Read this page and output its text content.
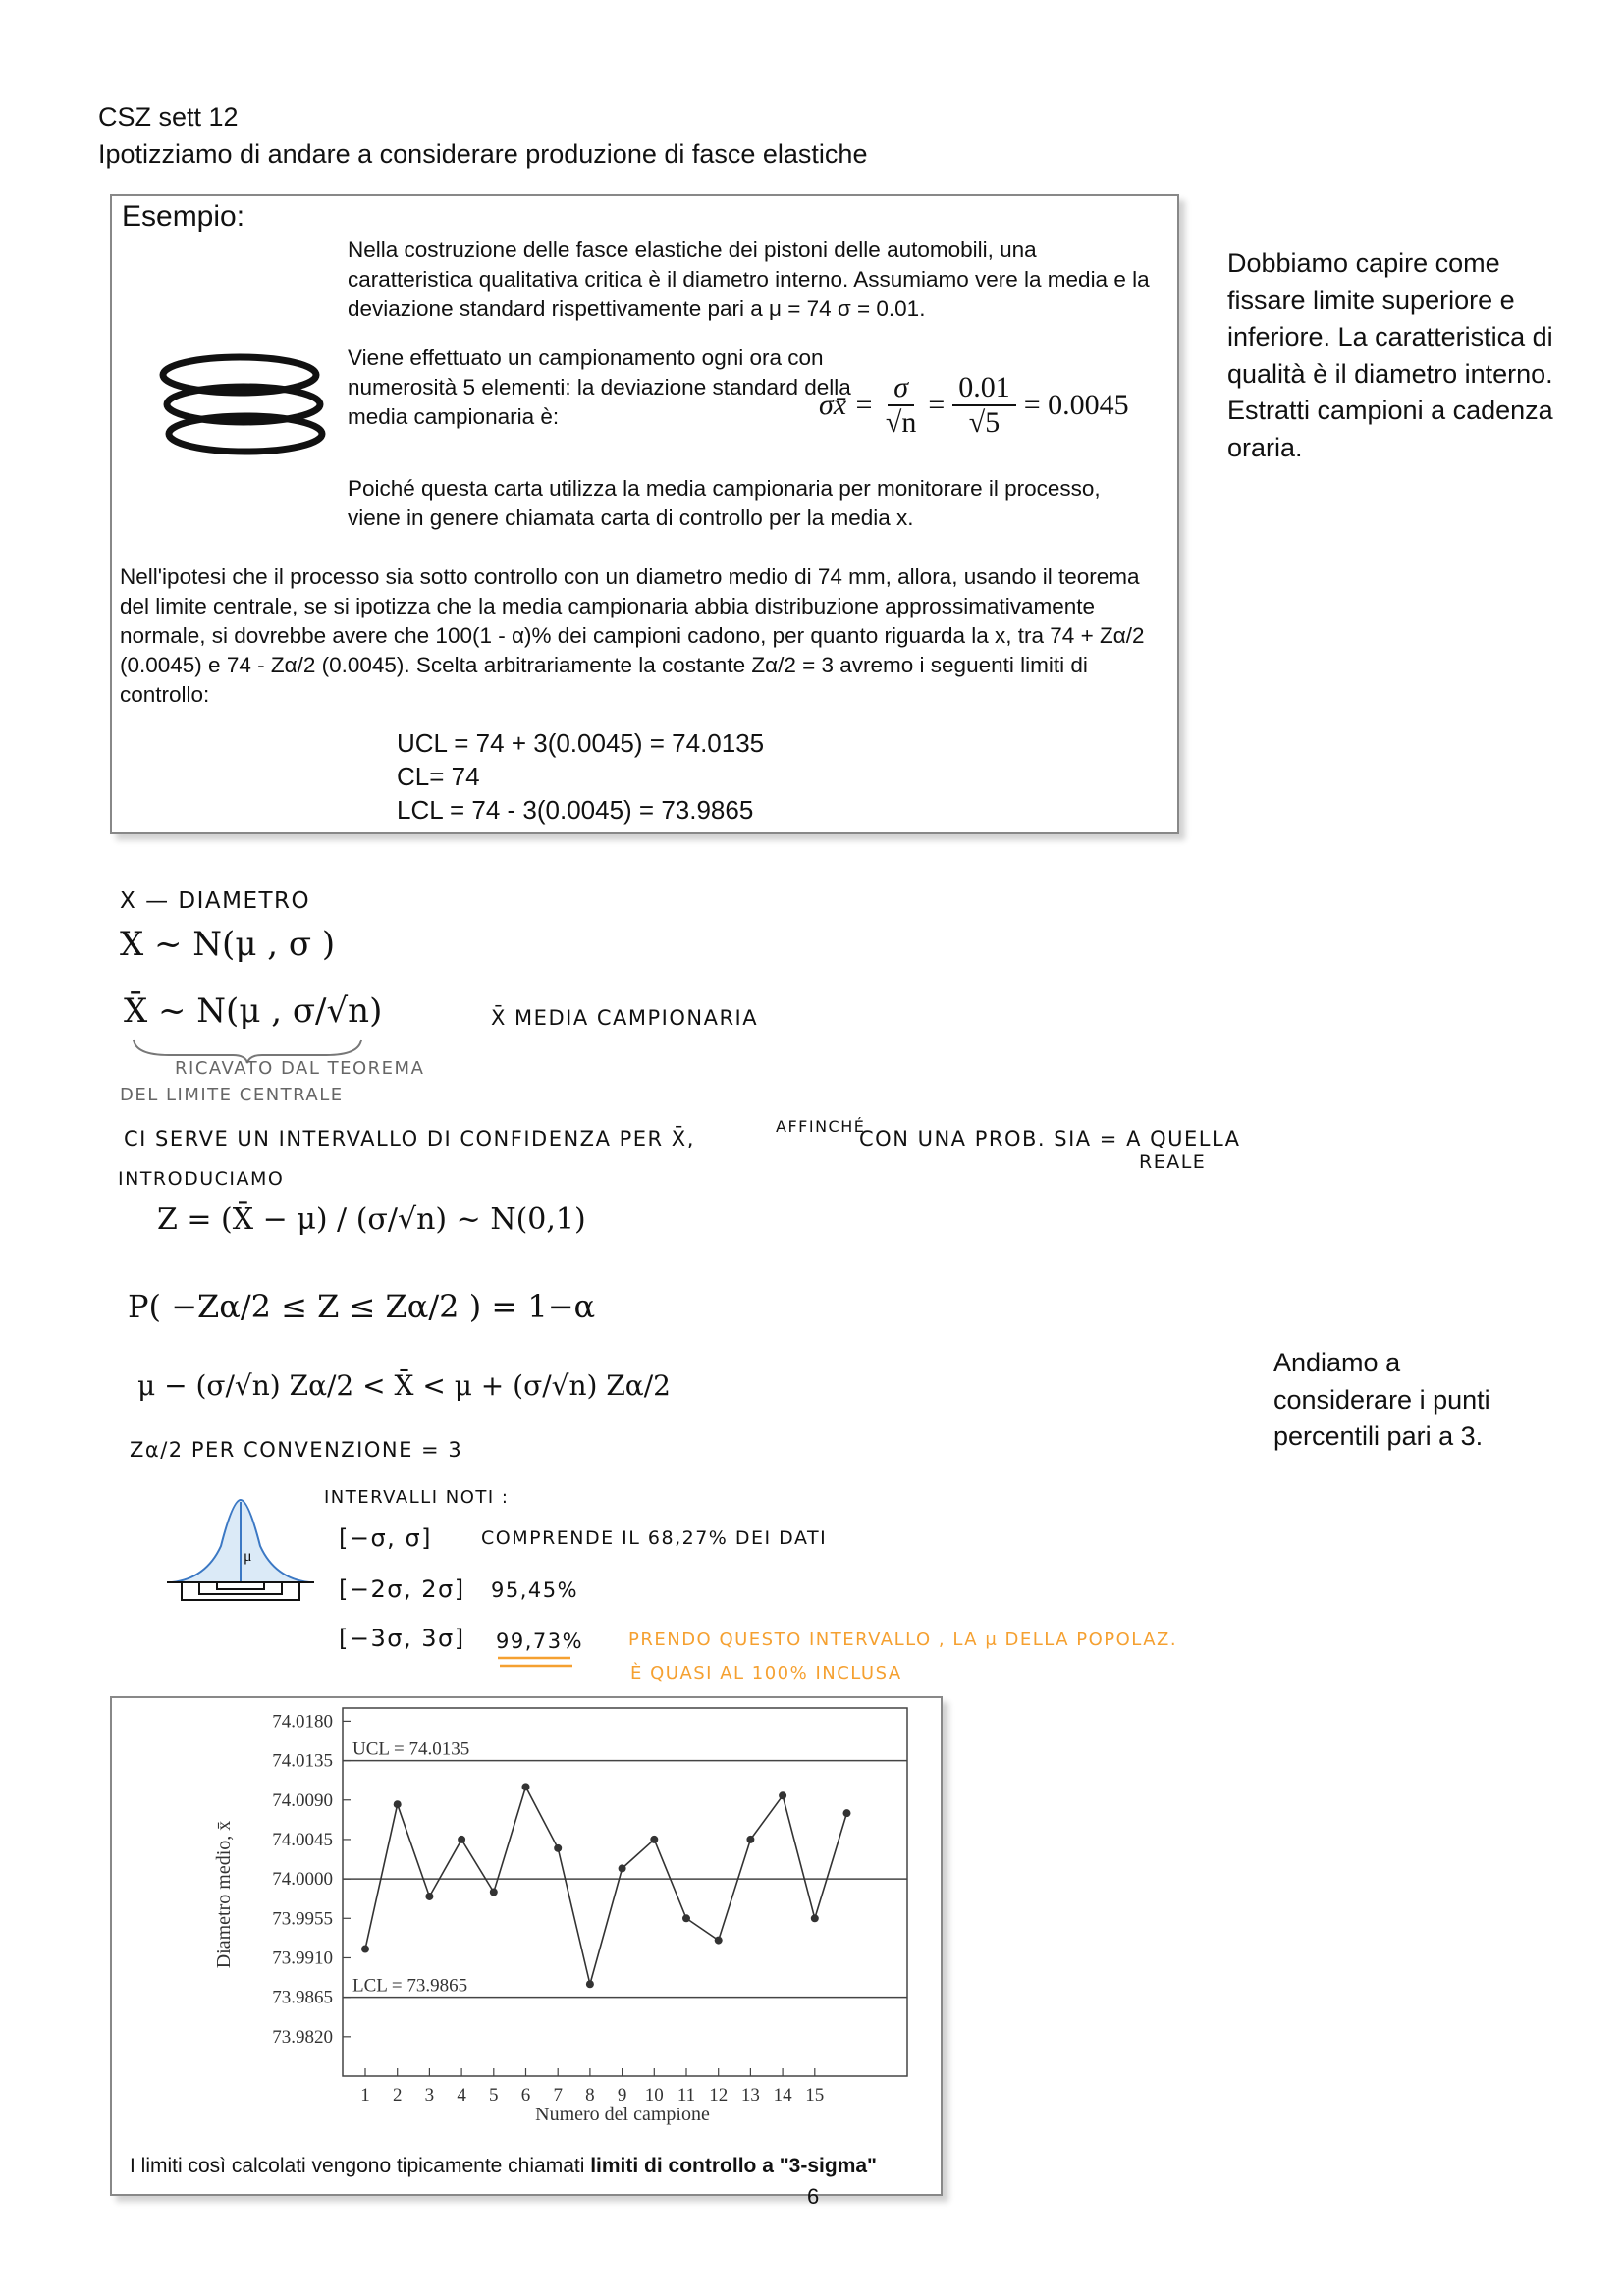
CSZ sett 12
Ipotizziamo di andare a considerare produzione di fasce elastiche
Esempio:
Nella costruzione delle fasce elastiche dei pistoni delle automobili, una caratteristica qualitativa critica è il diametro interno. Assumiamo vere la media e la deviazione standard rispettivamente pari a μ = 74 σ = 0.01.
Viene effettuato un campionamento ogni ora con numerosità 5 elementi: la deviazione standard della media campionaria è:	σx̄ = $\frac{\sigma}{√n} = \frac{0.01}{√5} = 0.0045$
Poiché questa carta utilizza la media campionaria per monitorare il processo, viene in genere chiamata carta di controllo per la media x.
Nell'ipotesi che il processo sia sotto controllo con un diametro medio di 74 mm, allora, usando il teorema del limite centrale, se si ipotizza che la media campionaria abbia distribuzione approssimativamente normale, si dovrebbe avere che 100(1 - α)% dei campioni cadono, per quanto riguarda la x, tra 74 + Zα/2 (0.0045) e 74 - Zα/2 (0.0045). Scelta arbitrariamente la costante Zα/2 = 3 avremo i seguenti limiti di controllo:
UCL = 74 + 3(0.0045) = 74.0135
CL= 74
LCL = 74 - 3(0.0045) = 73.9865
Dobbiamo capire come fissare limite superiore e inferiore. La caratteristica di qualità è il diametro interno. Estratti campioni a cadenza oraria.
Andiamo a considerare i punti percentili pari a 3.
X — DIAMETRO
X ~ N(μ , σ )
X̄ ~ N(μ , σ/√n)	X̄ MEDIA CAMPIONARIA
RICAVATO DAL TEOREMA
DEL LIMITE CENTRALE
CI SERVE UN INTERVALLO DI CONFIDENZA PER X̄,
AFFINCHÉ
CON UNA PROB. SIA = A QUELLA
REALE
INTRODUCIAMO
Z = (X̄ − μ) / (σ/√n) ~ N(0,1)
P( −Zα/2 ≤ Z ≤ Zα/2 ) = 1−α
μ − (σ/√n) Zα/2 < X̄ < μ + (σ/√n) Zα/2
Zα/2 PER CONVENZIONE = 3
INTERVALLI NOTI :
μ
[−σ, σ]	COMPRENDE IL 68,27% DEI DATI
[−2σ, 2σ] 95,45%
[−3σ, 3σ] 99,73%	PRENDO QUESTO INTERVALLO , LA μ DELLA POPOLAZ.
È QUASI AL 100% INCLUSA
UCL = 74.0135
LCL = 73.9865
74.0180
74.0135
74.0090
74.0045
74.0000
73.9955
73.9910
73.9865
73.9820
1 2 3 4 5 6 7 8 9 10 11 12 13 14 15
Numero del campione
Diametro medio, x̄
I limiti così calcolati vengono tipicamente chiamati limiti di controllo a "3-sigma"
6
